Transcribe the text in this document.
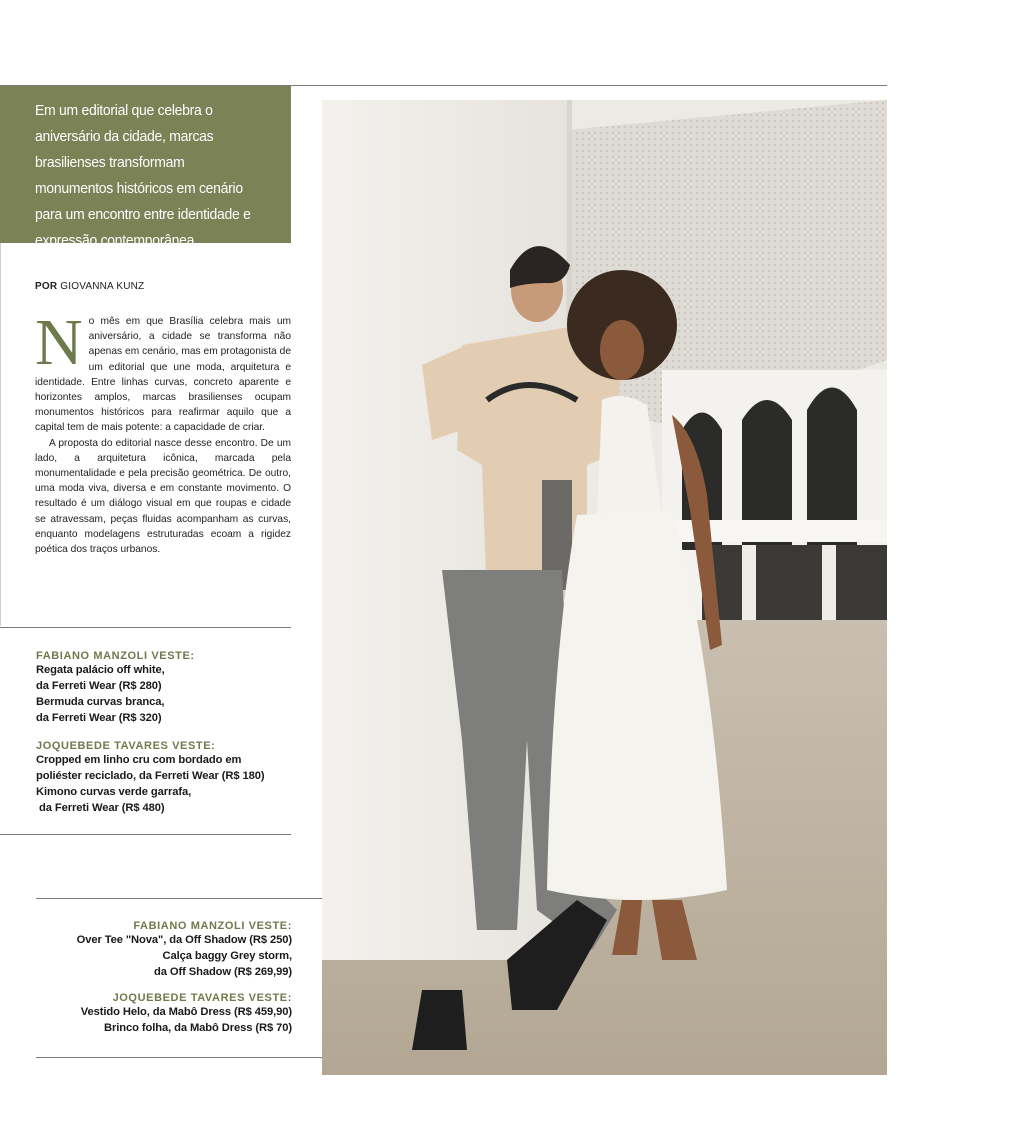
Em um editorial que celebra o aniversário da cidade, marcas brasilienses transformam monumentos históricos em cenário para um encontro entre identidade e expressão contemporânea
POR GIOVANNA KUNZ

No mês em que Brasília celebra mais um aniversário, a cidade se transforma não apenas em cenário, mas em protagonista de um editorial que une moda, arquitetura e identidade. Entre linhas curvas, concreto aparente e horizontes amplos, marcas brasilienses ocupam monumentos históricos para reafirmar aquilo que a capital tem de mais potente: a capacidade de criar.

A proposta do editorial nasce desse encontro. De um lado, a arquitetura icônica, marcada pela monumentalidade e pela precisão geométrica. De outro, uma moda viva, diversa e em constante movimento. O resultado é um diálogo visual em que roupas e cidade se atravessam, peças fluidas acompanham as curvas, enquanto modelagens estruturadas ecoam a rigidez poética dos traços urbanos.

FABIANO MANZOLI VESTE:

Regata palácio off white,

da Ferreti Wear (R$ 280)

Bermuda curvas branca,

da Ferreti Wear (R$ 320)

JOQUEBEDE TAVARES VESTE:

Cropped em linho cru com bordado em

poliéster reciclado, da Ferreti Wear (R$ 180)

Kimono curvas verde garrafa,

da Ferreti Wear (R$ 480)

FABIANO MANZOLI VESTE:

Over Tee "Nova", da Off Shadow (R$ 250)

Calça baggy Grey storm,

da Off Shadow (R$ 269,99)

JOQUEBEDE TAVARES VESTE:

Vestido Helo, da Mabô Dress (R$ 459,90)

Brinco folha, da Mabô Dress (R$ 70)
